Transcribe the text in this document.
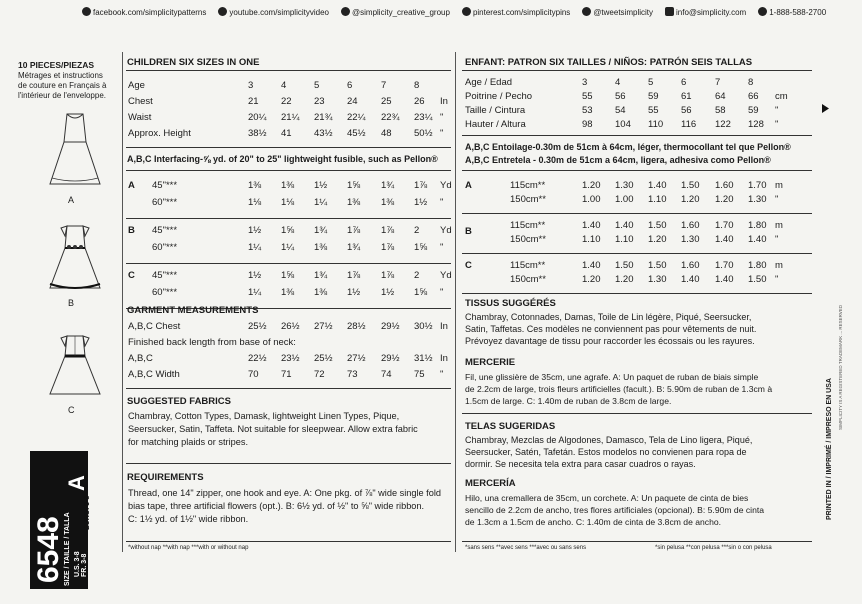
facebook.com/simplicitypatterns	youtube.com/simplicityvideo	@simplicity_creative_group	pinterest.com/simplicitypins	@tweetsimplicity	info@simplicity.com	1-888-588-2700
10 PIECES/PIEZAS
Métrages et instructions
de couture en Français à
l'intérieur de l'enveloppe.
A
B
C
6548 SIZE / TAILLE / TALLA
A
U.S. 3-8 FR. 3-8
EURO. 3-8
CHILDREN SIX SIZES IN ONE
Age	3	4	5	6	7	8
Chest	21 22 23 24 25 26 In
Waist	20¼ 21¼ 21¾ 22¼ 22¾ 23¼ "
Approx. Height	38½ 41 43½ 45½ 48 50½ "
A,B,C Interfacing-⅝ yd. of 20" to 25" lightweight fusible, such as Pellon®
A 45"***	1⅜ 1⅜ 1½ 1⅝ 1¾ 1⅞ Yd
60"***	1⅛ 1⅛ 1¼ 1⅜ 1⅜ 1½ "
B 45"***	1½ 1⅝ 1¾ 1⅞ 1⅞ 2 Yd
60"***	1¼ 1¼ 1⅜ 1¾ 1⅞ 1⅝ "
C 45"***	1½ 1⅝ 1¾ 1⅞ 1⅞ 2 Yd
60"***	1¼ 1⅜ 1⅜ 1½ 1½ 1⅝ "
GARMENT MEASUREMENTS
A,B,C Chest	25½ 26½ 27½ 28½ 29½ 30½ In
Finished back length from base of neck:
A,B,C	22½ 23½ 25½ 27½ 29½ 31½ In
A,B,C Width	70 71 72 73 74 75 "
SUGGESTED FABRICS
Chambray, Cotton Types, Damask, lightweight Linen Types, Pique,
Seersucker, Satin, Taffeta. Not suitable for sleepwear. Allow extra fabric
for matching plaids or stripes.
REQUIREMENTS
Thread, one 14" zipper, one hook and eye. A: One pkg. of ⅞" wide single fold
bias tape, three artificial flowers (opt.). B: 6½ yd. of ½" to ⅝" wide ribbon.
C: 1½ yd. of 1½" wide ribbon.
*without nap **with nap ***with or without nap
ENFANT: PATRON SIX TAILLES / NIÑOS: PATRÓN SEIS TALLAS
Age / Edad	3	4	5	6	7	8
Poitrine / Pecho	55 56 59 61 64 66 cm
Taille / Cintura	53 54 55 56 58 59 "
Hauter / Altura	98 104 110 116 122 128 "
A,B,C Entoilage-0.30m de 51cm à 64cm, léger, thermocollant tel que Pellon®
A,B,C Entretela - 0.30m de 51cm a 64cm, ligera, adhesiva como Pellon®
A	115cm**	1.20 1.30 1.40 1.50 1.60 1.70 m
150cm**	1.00 1.00 1.10 1.20 1.20 1.30 "
B
115cm**	1.40 1.40 1.50 1.60 1.70 1.80 m
150cm**	1.10 1.10 1.20 1.30 1.40 1.40 "
C	115cm**	1.40 1.50 1.50 1.60 1.70 1.80 m
150cm**	1.20 1.20 1.30 1.40 1.40 1.50 "
TISSUS SUGGÉRÉS
Chambray, Cotonnades, Damas, Toile de Lin légère, Piqué, Seersucker,
Satin, Taffetas. Ces modèles ne conviennent pas pour vêtements de nuit.
Prévoyez davantage de tissu pour raccorder les écossais ou les rayures.
MERCERIE
Fil, une glissière de 35cm, une agrafe. A: Un paquet de ruban de biais simple
de 2.2cm de large, trois fleurs artificielles (facult.). B: 5.90m de ruban de 1.3cm à
1.5cm de large. C: 1.40m de ruban de 3.8cm de large.
TELAS SUGERIDAS
Chambray, Mezclas de Algodones, Damasco, Tela de Lino ligera, Piqué,
Seersucker, Satén, Tafetán. Estos modelos no convienen para ropa de
dormir. Se necesita tela extra para casar cuadros o rayas.
MERCERÍA
Hilo, una cremallera de 35cm, un corchete. A: Un paquete de cinta de bies
sencillo de 2.2cm de ancho, tres flores artificiales (opcional). B: 5.90m de cinta
de 1.3cm a 1.5cm de ancho. C: 1.40m de cinta de 3.8cm de ancho.
*sans sens **avec sens ***avec ou sans sens	*sin pelusa **con pelusa ***sin o con pelusa
PRINTED IN / IMPRIMÉ / IMPRESO EN USA
SIMPLICITY IS A REGISTERED TRADEMARK ... RESERVED
